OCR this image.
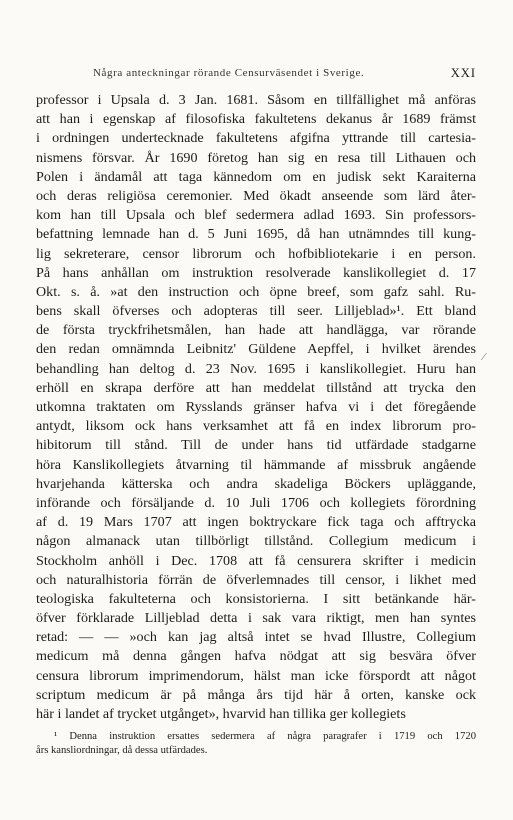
Några anteckningar rörande Censurväsendet i Sverige.	XXI
professor i Upsala d. 3 Jan. 1681. Såsom en tillfällighet må anföras
att han i egenskap af filosofiska fakultetens dekanus år 1689 främst
i ordningen undertecknade fakultetens afgifna yttrande till cartesia-
nismens försvar. År 1690 företog han sig en resa till Lithauen och
Polen i ändamål att taga kännedom om en judisk sekt Karaiterna
och deras religiösa ceremonier. Med ökadt anseende som lärd åter-
kom han till Upsala och blef sedermera adlad 1693. Sin professors-
befattning lemnade han d. 5 Juni 1695, då han utnämndes till kung-
lig sekreterare, censor librorum och hofbibliotekarie i en person.
På hans anhållan om instruktion resolverade kanslikollegiet d. 17
Okt. s. å. »at den instruction och öpne breef, som gafz sahl. Ru-
bens skall öfverses och adopteras till seer. Lilljeblad»¹. Ett bland
de första tryckfrihetsmålen, han hade att handlägga, var rörande
den redan omnämnda Leibnitz' Güldene Aepffel, i hvilket ärendes
behandling han deltog d. 23 Nov. 1695 i kanslikollegiet. Huru han
erhöll en skrapa derföre att han meddelat tillstånd att trycka den
utkomna traktaten om Rysslands gränser hafva vi i det föregående
antydt, liksom ock hans verksamhet att få en index librorum pro-
hibitorum till stånd. Till de under hans tid utfärdade stadgarne
höra Kanslikollegiets åtvarning til hämmande af missbruk angående
hvarjehanda kätterska och andra skadeliga Böckers upläggande,
införande och försäljande d. 10 Juli 1706 och kollegiets förordning
af d. 19 Mars 1707 att ingen boktryckare fick taga och afftrycka
någon almanack utan tillbörligt tillstånd. Collegium medicum i
Stockholm anhöll i Dec. 1708 att få censurera skrifter i medicin
och naturalhistoria förrän de öfverlemnades till censor, i likhet med
teologiska fakulteterna och konsistorierna. I sitt betänkande här-
öfver förklarade Lilljeblad detta i sak vara riktigt, men han syntes
retad: — — »och kan jag altså intet se hvad Illustre, Collegium
medicum må denna gången hafva nödgat att sig besvära öfver
censura librorum imprimendorum, hälst man icke förspordt att något
scriptum medicum är på många års tijd här å orten, kanske ock
här i landet af trycket utgånget», hvarvid han tillika ger kollegiets
¹ Denna instruktion ersattes sedermera af några paragrafer i 1719 och 1720
års kansliordningar, då dessa utfärdades.
⁄
